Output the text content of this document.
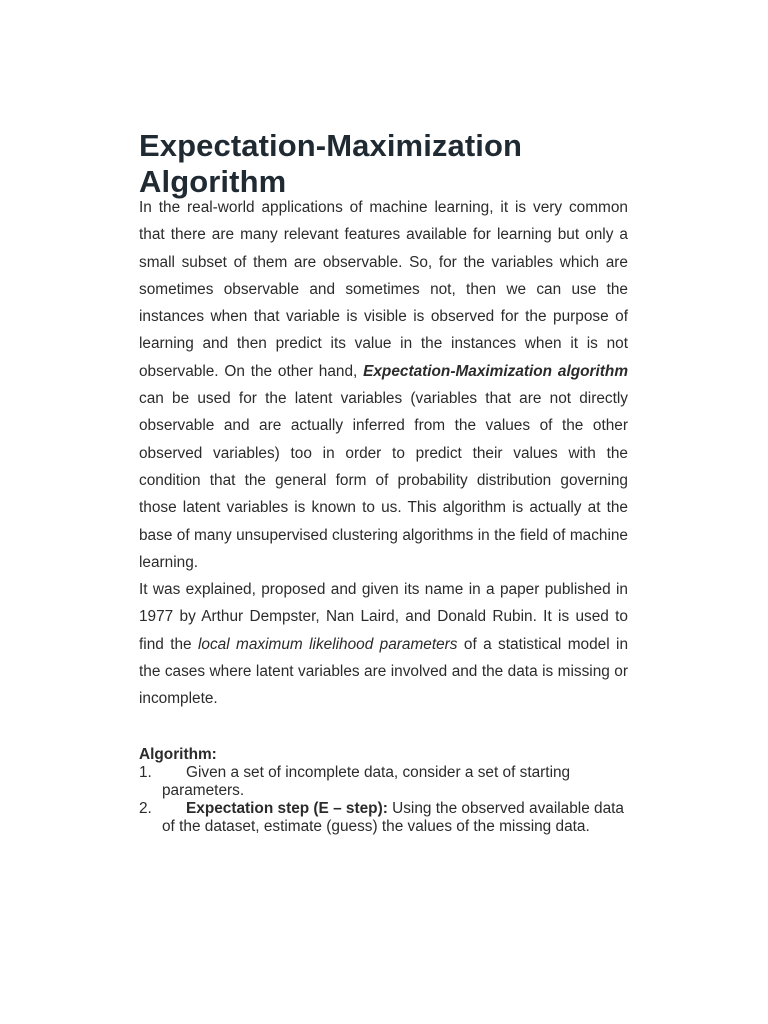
Expectation-Maximization Algorithm

In the real-world applications of machine learning, it is very common that there are many relevant features available for learning but only a small subset of them are observable. So, for the variables which are sometimes observable and sometimes not, then we can use the instances when that variable is visible is observed for the purpose of learning and then predict its value in the instances when it is not observable. On the other hand, Expectation-Maximization algorithm can be used for the latent variables (variables that are not directly observable and are actually inferred from the values of the other observed variables) too in order to predict their values with the condition that the general form of probability distribution governing those latent variables is known to us. This algorithm is actually at the base of many unsupervised clustering algorithms in the field of machine learning.

It was explained, proposed and given its name in a paper published in 1977 by Arthur Dempster, Nan Laird, and Donald Rubin. It is used to find the local maximum likelihood parameters of a statistical model in the cases where latent variables are involved and the data is missing or incomplete.

Algorithm:
1.	Given a set of incomplete data, consider a set of starting parameters.
2.	Expectation step (E – step): Using the observed available data of the dataset, estimate (guess) the values of the missing data.
